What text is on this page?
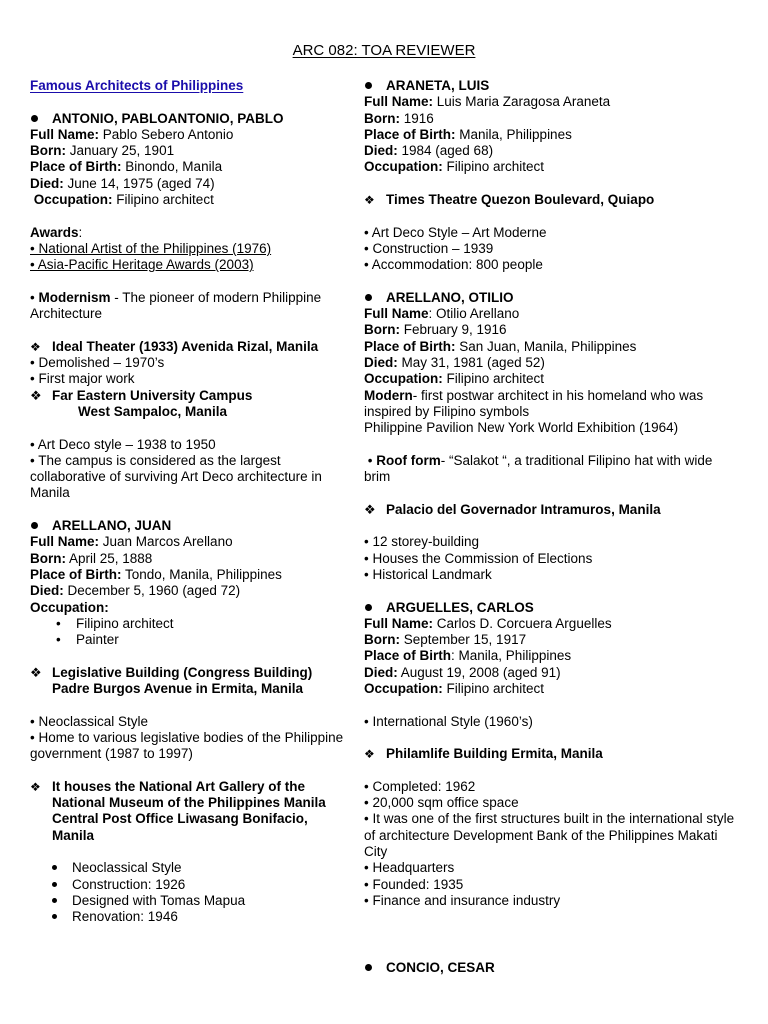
ARC 082: TOA REVIEWER
Famous Architects of Philippines
ANTONIO, PABLOANTONIO, PABLO
Full Name: Pablo Sebero Antonio
Born: January 25, 1901
Place of Birth: Binondo, Manila
Died: June 14, 1975 (aged 74)
Occupation: Filipino architect
Awards:
• National Artist of the Philippines (1976)
• Asia-Pacific Heritage Awards (2003)
• Modernism - The pioneer of modern Philippine Architecture
❖ Ideal Theater (1933) Avenida Rizal, Manila
• Demolished – 1970’s
• First major work
❖ Far Eastern University Campus
West Sampaloc, Manila
• Art Deco style – 1938 to 1950
• The campus is considered as the largest collaborative of surviving Art Deco architecture in Manila
ARELLANO, JUAN
Full Name: Juan Marcos Arellano
Born: April 25, 1888
Place of Birth: Tondo, Manila, Philippines
Died: December 5, 1960 (aged 72)
Occupation:
• Filipino architect
• Painter
❖ Legislative Building (Congress Building)
Padre Burgos Avenue in Ermita, Manila
• Neoclassical Style
• Home to various legislative bodies of the Philippine government (1987 to 1997)
❖ It houses the National Art Gallery of the National Museum of the Philippines Manila Central Post Office Liwasang Bonifacio, Manila
Neoclassical Style
Construction: 1926
Designed with Tomas Mapua
Renovation: 1946
ARANETA, LUIS
Full Name: Luis Maria Zaragosa Araneta
Born: 1916
Place of Birth: Manila, Philippines
Died: 1984 (aged 68)
Occupation: Filipino architect
❖ Times Theatre Quezon Boulevard, Quiapo
• Art Deco Style – Art Moderne
• Construction – 1939
• Accommodation: 800 people
ARELLANO, OTILIO
Full Name: Otilio Arellano
Born: February 9, 1916
Place of Birth: San Juan, Manila, Philippines
Died: May 31, 1981 (aged 52)
Occupation: Filipino architect
Modern- first postwar architect in his homeland who was inspired by Filipino symbols
Philippine Pavilion New York World Exhibition (1964)
• Roof form- “Salakot “, a traditional Filipino hat with wide brim
❖ Palacio del Governador Intramuros, Manila
• 12 storey-building
• Houses the Commission of Elections
• Historical Landmark
ARGUELLES, CARLOS
Full Name: Carlos D. Corcuera Arguelles
Born: September 15, 1917
Place of Birth: Manila, Philippines
Died: August 19, 2008 (aged 91)
Occupation: Filipino architect
• International Style (1960’s)
❖ Philamlife Building Ermita, Manila
• Completed: 1962
• 20,000 sqm office space
• It was one of the first structures built in the international style of architecture Development Bank of the Philippines Makati City
• Headquarters
• Founded: 1935
• Finance and insurance industry
CONCIO, CESAR
